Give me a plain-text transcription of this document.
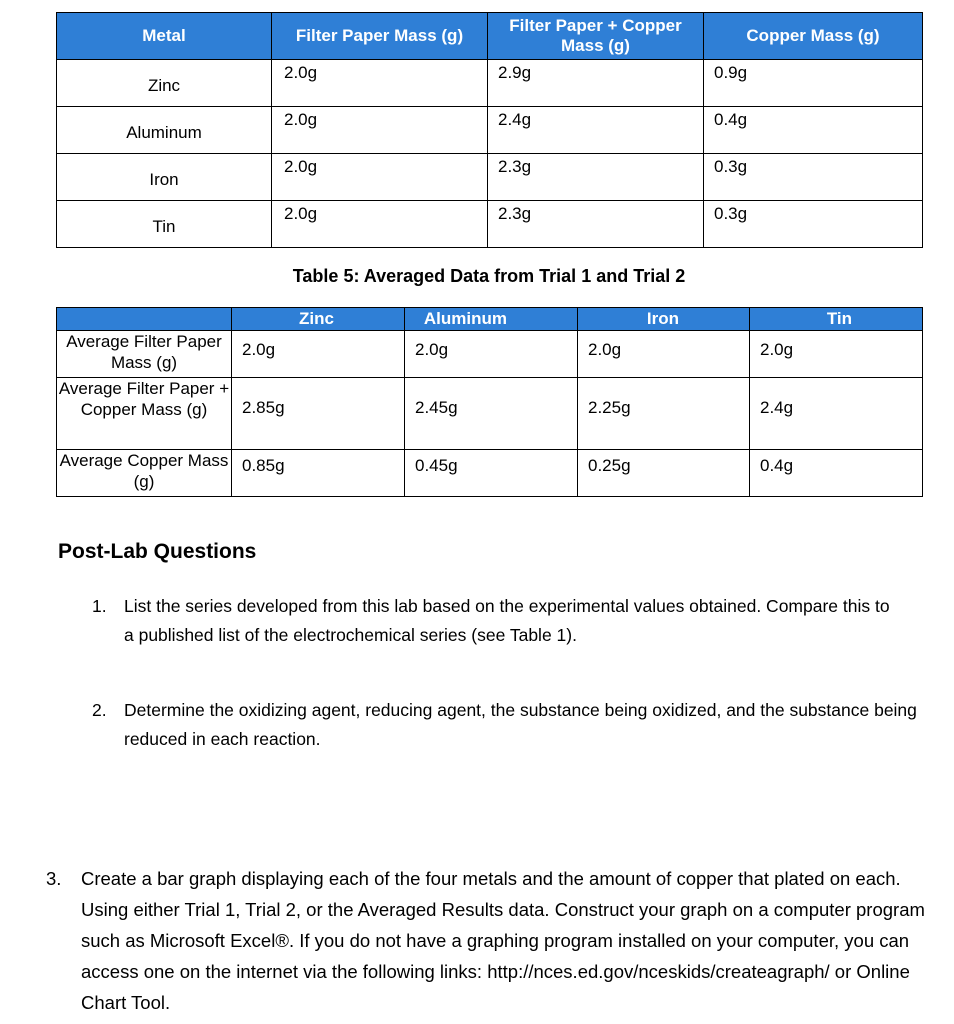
Metal	Filter Paper Mass (g)	Filter Paper + Copper Mass (g)	Copper Mass (g)
Zinc	2.0g	2.9g	0.9g
Aluminum	2.0g	2.4g	0.4g
Iron	2.0g	2.3g	0.3g
Tin	2.0g	2.3g	0.3g
Table 5: Averaged Data from Trial 1 and Trial 2
	Zinc	Aluminum	Iron	Tin
Average Filter Paper Mass (g)	2.0g	2.0g	2.0g	2.0g
Average Filter Paper + Copper Mass (g)	2.85g	2.45g	2.25g	2.4g
Average Copper Mass (g)	0.85g	0.45g	0.25g	0.4g
Post-Lab Questions
1. List the series developed from this lab based on the experimental values obtained. Compare this to a published list of the electrochemical series (see Table 1).
2. Determine the oxidizing agent, reducing agent, the substance being oxidized, and the substance being reduced in each reaction.
3. Create a bar graph displaying each of the four metals and the amount of copper that plated on each. Using either Trial 1, Trial 2, or the Averaged Results data. Construct your graph on a computer program such as Microsoft Excel®. If you do not have a graphing program installed on your computer, you can access one on the internet via the following links: http://nces.ed.gov/nceskids/createagraph/ or Online Chart Tool.
